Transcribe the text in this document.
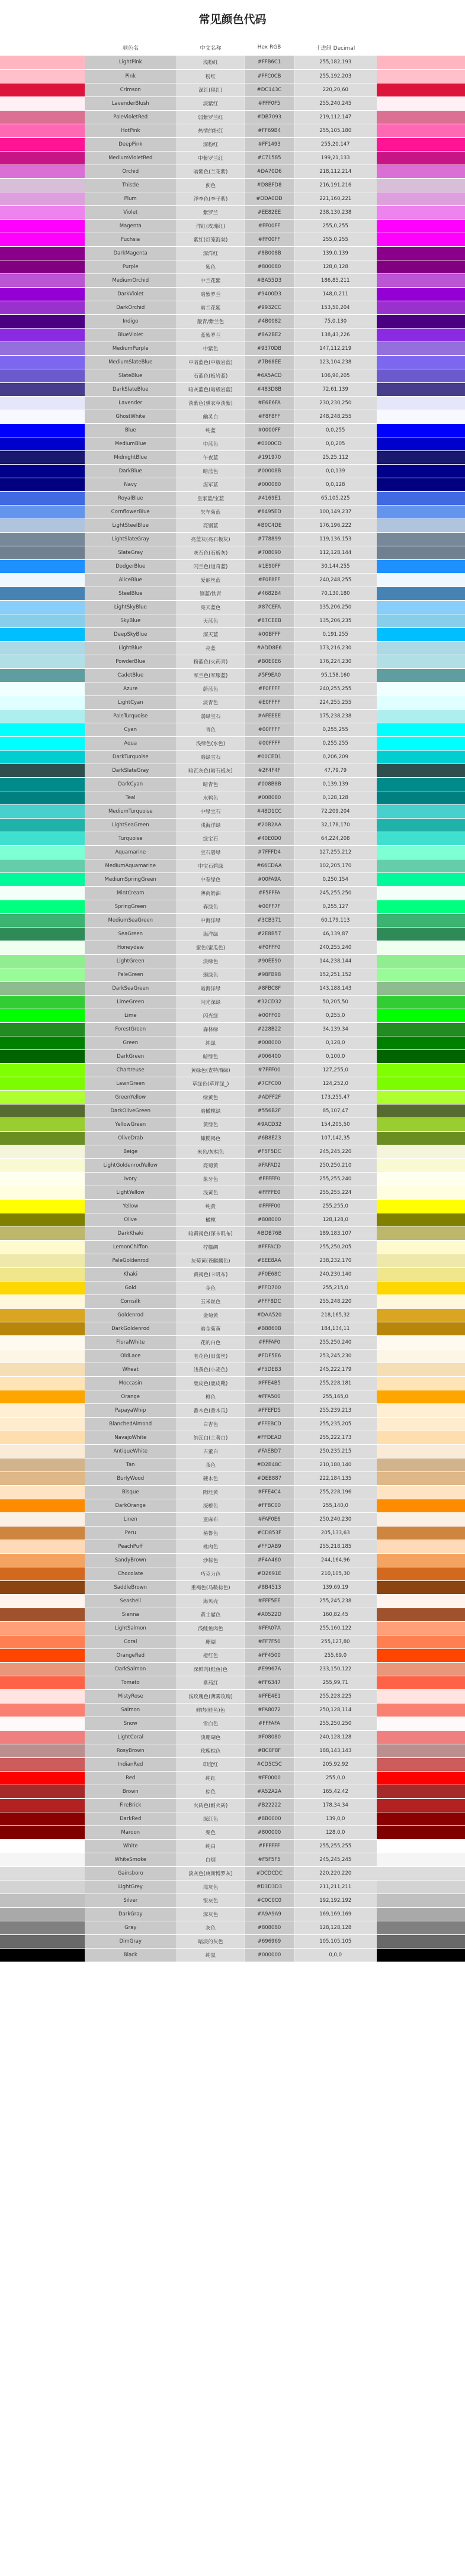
常见颜色代码
	颜色名	中文名称	Hex RGB	十进制 Decimal	
	LightPink	浅粉红	#FFB6C1	255,182,193	
	Pink	粉红	#FFC0CB	255,192,203	
	Crimson	深红(猩红)	#DC143C	220,20,60	
	LavenderBlush	淡紫红	#FFF0F5	255,240,245	
	PaleVioletRed	弱紫罗兰红	#DB7093	219,112,147	
	HotPink	热情的粉红	#FF69B4	255,105,180	
	DeepPink	深粉红	#FF1493	255,20,147	
	MediumVioletRed	中紫罗兰红	#C71585	199,21,133	
	Orchid	暗紫色(兰花紫)	#DA70D6	218,112,214	
	Thistle	蓟色	#D8BFD8	216,191,216	
	Plum	洋李色(李子紫)	#DDA0DD	221,160,221	
	Violet	紫罗兰	#EE82EE	238,130,238	
	Magenta	洋红(玫瑰红)	#FF00FF	255,0,255	
	Fuchsia	紫红(灯笼海棠)	#FF00FF	255,0,255	
	DarkMagenta	深洋红	#8B008B	139,0,139	
	Purple	紫色	#800080	128,0,128	
	MediumOrchid	中兰花紫	#BA55D3	186,85,211	
	DarkViolet	暗紫罗兰	#9400D3	148,0,211	
	DarkOrchid	暗兰花紫	#9932CC	153,50,204	
	Indigo	靛青/紫兰色	#4B0082	75,0,130	
	BlueViolet	蓝紫罗兰	#8A2BE2	138,43,226	
	MediumPurple	中紫色	#9370DB	147,112,219	
	MediumSlateBlue	中暗蓝色(中板岩蓝)	#7B68EE	123,104,238	
	SlateBlue	石蓝色(板岩蓝)	#6A5ACD	106,90,205	
	DarkSlateBlue	暗灰蓝色(暗板岩蓝)	#483D8B	72,61,139	
	Lavender	淡紫色(熏衣草淡紫)	#E6E6FA	230,230,250	
	GhostWhite	幽灵白	#F8F8FF	248,248,255	
	Blue	纯蓝	#0000FF	0,0,255	
	MediumBlue	中蓝色	#0000CD	0,0,205	
	MidnightBlue	午夜蓝	#191970	25,25,112	
	DarkBlue	暗蓝色	#00008B	0,0,139	
	Navy	海军蓝	#000080	0,0,128	
	RoyalBlue	皇家蓝/宝蓝	#4169E1	65,105,225	
	CornflowerBlue	矢车菊蓝	#6495ED	100,149,237	
	LightSteelBlue	亮钢蓝	#B0C4DE	176,196,222	
	LightSlateGray	亮蓝灰(亮石板灰)	#778899	119,136,153	
	SlateGray	灰石色(石板灰)	#708090	112,128,144	
	DodgerBlue	闪兰色(道奇蓝)	#1E90FF	30,144,255	
	AliceBlue	爱丽丝蓝	#F0F8FF	240,248,255	
	SteelBlue	钢蓝/铁青	#4682B4	70,130,180	
	LightSkyBlue	亮天蓝色	#87CEFA	135,206,250	
	SkyBlue	天蓝色	#87CEEB	135,206,235	
	DeepSkyBlue	深天蓝	#00BFFF	0,191,255	
	LightBlue	亮蓝	#ADD8E6	173,216,230	
	PowderBlue	粉蓝色(火药青)	#B0E0E6	176,224,230	
	CadetBlue	军兰色(军服蓝)	#5F9EA0	95,158,160	
	Azure	蔚蓝色	#F0FFFF	240,255,255	
	LightCyan	淡青色	#E0FFFF	224,255,255	
	PaleTurquoise	弱绿宝石	#AFEEEE	175,238,238	
	Cyan	青色	#00FFFF	0,255,255	
	Aqua	浅绿色(水色)	#00FFFF	0,255,255	
	DarkTurquoise	暗绿宝石	#00CED1	0,206,209	
	DarkSlateGray	暗瓦灰色(暗石板灰)	#2F4F4F	47,79,79	
	DarkCyan	暗青色	#008B8B	0,139,139	
	Teal	水鸭色	#008080	0,128,128	
	MediumTurquoise	中绿宝石	#48D1CC	72,209,204	
	LightSeaGreen	浅海洋绿	#20B2AA	32,178,170	
	Turquoise	绿宝石	#40E0D0	64,224,208	
	Aquamarine	宝石碧绿	#7FFFD4	127,255,212	
	MediumAquamarine	中宝石碧绿	#66CDAA	102,205,170	
	MediumSpringGreen	中春绿色	#00FA9A	0,250,154	
	MintCream	薄荷奶油	#F5FFFA	245,255,250	
	SpringGreen	春绿色	#00FF7F	0,255,127	
	MediumSeaGreen	中海洋绿	#3CB371	60,179,113	
	SeaGreen	海洋绿	#2E8B57	46,139,87	
	Honeydew	蜜色(蜜瓜色)	#F0FFF0	240,255,240	
	LightGreen	淡绿色	#90EE90	144,238,144	
	PaleGreen	弱绿色	#98FB98	152,251,152	
	DarkSeaGreen	暗海洋绿	#8FBC8F	143,188,143	
	LimeGreen	闪光深绿	#32CD32	50,205,50	
	Lime	闪光绿	#00FF00	0,255,0	
	ForestGreen	森林绿	#228B22	34,139,34	
	Green	纯绿	#008000	0,128,0	
	DarkGreen	暗绿色	#006400	0,100,0	
	Chartreuse	黄绿色(查特酒绿)	#7FFF00	127,255,0	
	LawnGreen	草绿色(草坪绿_)	#7CFC00	124,252,0	
	GreenYellow	绿黄色	#ADFF2F	173,255,47	
	DarkOliveGreen	暗橄榄绿	#556B2F	85,107,47	
	YellowGreen	黄绿色	#9ACD32	154,205,50	
	OliveDrab	橄榄褐色	#6B8E23	107,142,35	
	Beige	米色/灰棕色	#F5F5DC	245,245,220	
	LightGoldenrodYellow	亮菊黄	#FAFAD2	250,250,210	
	Ivory	象牙色	#FFFFF0	255,255,240	
	LightYellow	浅黄色	#FFFFE0	255,255,224	
	Yellow	纯黄	#FFFF00	255,255,0	
	Olive	橄榄	#808000	128,128,0	
	DarkKhaki	暗黄褐色(深卡叽布)	#BDB76B	189,183,107	
	LemonChiffon	柠檬绸	#FFFACD	255,250,205	
	PaleGoldenrod	灰菊黄(苍麒麟色)	#EEE8AA	238,232,170	
	Khaki	黄褐色(卡叽布)	#F0E68C	240,230,140	
	Gold	金色	#FFD700	255,215,0	
	Cornsilk	玉米丝色	#FFF8DC	255,248,220	
	Goldenrod	金菊黄	#DAA520	218,165,32	
	DarkGoldenrod	暗金菊黄	#B8860B	184,134,11	
	FloralWhite	花的白色	#FFFAF0	255,250,240	
	OldLace	老花色(旧蕾丝)	#FDF5E6	253,245,230	
	Wheat	浅黄色(小麦色)	#F5DEB3	245,222,179	
	Moccasin	鹿皮色(鹿皮靴)	#FFE4B5	255,228,181	
	Orange	橙色	#FFA500	255,165,0	
	PapayaWhip	番木色(番木瓜)	#FFEFD5	255,239,213	
	BlanchedAlmond	白杏色	#FFEBCD	255,235,205	
	NavajoWhite	纳瓦白(土著白)	#FFDEAD	255,222,173	
	AntiqueWhite	古董白	#FAEBD7	250,235,215	
	Tan	茶色	#D2B48C	210,180,140	
	BurlyWood	硬木色	#DEB887	222,184,135	
	Bisque	陶坯黄	#FFE4C4	255,228,196	
	DarkOrange	深橙色	#FF8C00	255,140,0	
	Linen	亚麻布	#FAF0E6	250,240,230	
	Peru	秘鲁色	#CD853F	205,133,63	
	PeachPuff	桃肉色	#FFDAB9	255,218,185	
	SandyBrown	沙棕色	#F4A460	244,164,96	
	Chocolate	巧克力色	#D2691E	210,105,30	
	SaddleBrown	重褐色(马鞍棕色)	#8B4513	139,69,19	
	Seashell	海贝壳	#FFF5EE	255,245,238	
	Sienna	黄土赭色	#A0522D	160,82,45	
	LightSalmon	浅鲑鱼肉色	#FFA07A	255,160,122	
	Coral	珊瑚	#FF7F50	255,127,80	
	OrangeRed	橙红色	#FF4500	255,69,0	
	DarkSalmon	深鲜肉(鲑鱼)色	#E9967A	233,150,122	
	Tomato	番茄红	#FF6347	255,99,71	
	MistyRose	浅玫瑰色(薄雾玫瑰)	#FFE4E1	255,228,225	
	Salmon	鲜肉(鲑鱼)色	#FA8072	250,128,114	
	Snow	雪白色	#FFFAFA	255,250,250	
	LightCoral	淡珊瑚色	#F08080	240,128,128	
	RosyBrown	玫瑰棕色	#BC8F8F	188,143,143	
	IndianRed	印度红	#CD5C5C	205,92,92	
	Red	纯红	#FF0000	255,0,0	
	Brown	棕色	#A52A2A	165,42,42	
	FireBrick	火砖色(耐火砖)	#B22222	178,34,34	
	DarkRed	深红色	#8B0000	139,0,0	
	Maroon	栗色	#800000	128,0,0	
	White	纯白	#FFFFFF	255,255,255	
	WhiteSmoke	白烟	#F5F5F5	245,245,245	
	Gainsboro	淡灰色(庚斯博罗灰)	#DCDCDC	220,220,220	
	LightGrey	浅灰色	#D3D3D3	211,211,211	
	Silver	银灰色	#C0C0C0	192,192,192	
	DarkGray	深灰色	#A9A9A9	169,169,169	
	Gray	灰色	#808080	128,128,128	
	DimGray	暗淡的灰色	#696969	105,105,105	
	Black	纯黑	#000000	0,0,0	
